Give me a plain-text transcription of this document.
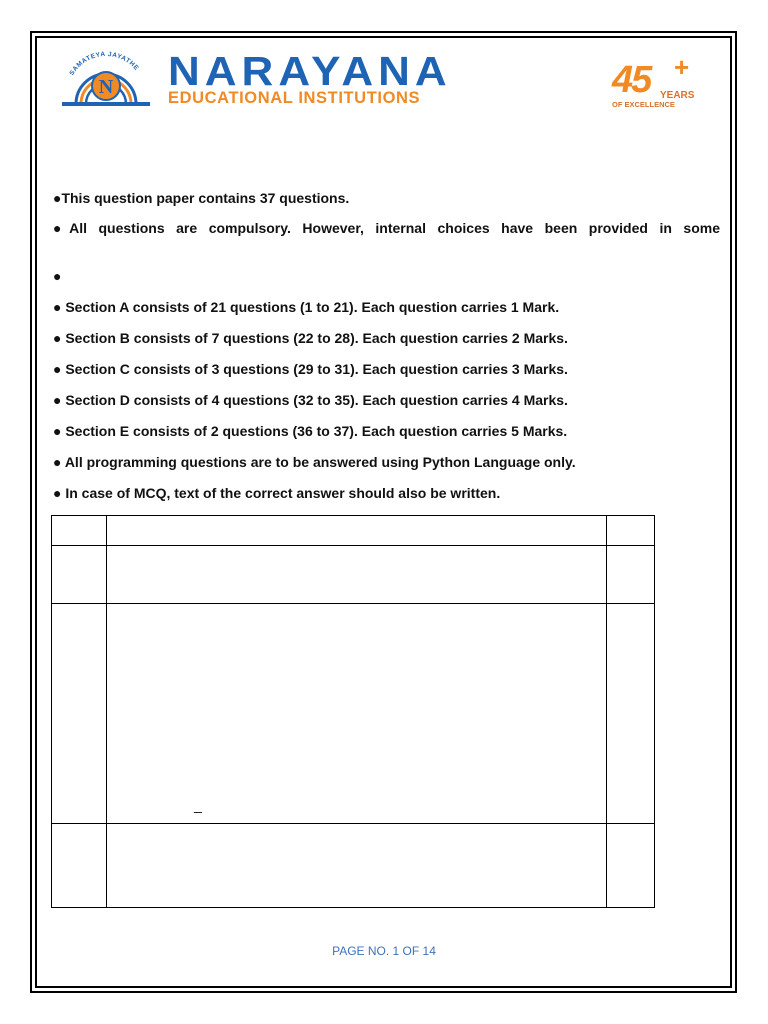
SAMATEYA JAYATHE
N NARAYANA
EDUCATIONAL INSTITUTIONS	45 +
YEARS
OF EXCELLENCE
●This question paper contains 37 questions.
●All questions are compulsory. However, internal choices have been provided in some
●
● Section A consists of 21 questions (1 to 21). Each question carries 1 Mark.
● Section B consists of 7 questions (22 to 28). Each question carries 2 Marks.
● Section C consists of 3 questions (29 to 31). Each question carries 3 Marks.
● Section D consists of 4 questions (32 to 35). Each question carries 4 Marks.
● Section E consists of 2 questions (36 to 37). Each question carries 5 Marks.
● All programming questions are to be answered using Python Language only.
● In case of MCQ, text of the correct answer should also be written.

_
PAGE NO. 1 OF 14
